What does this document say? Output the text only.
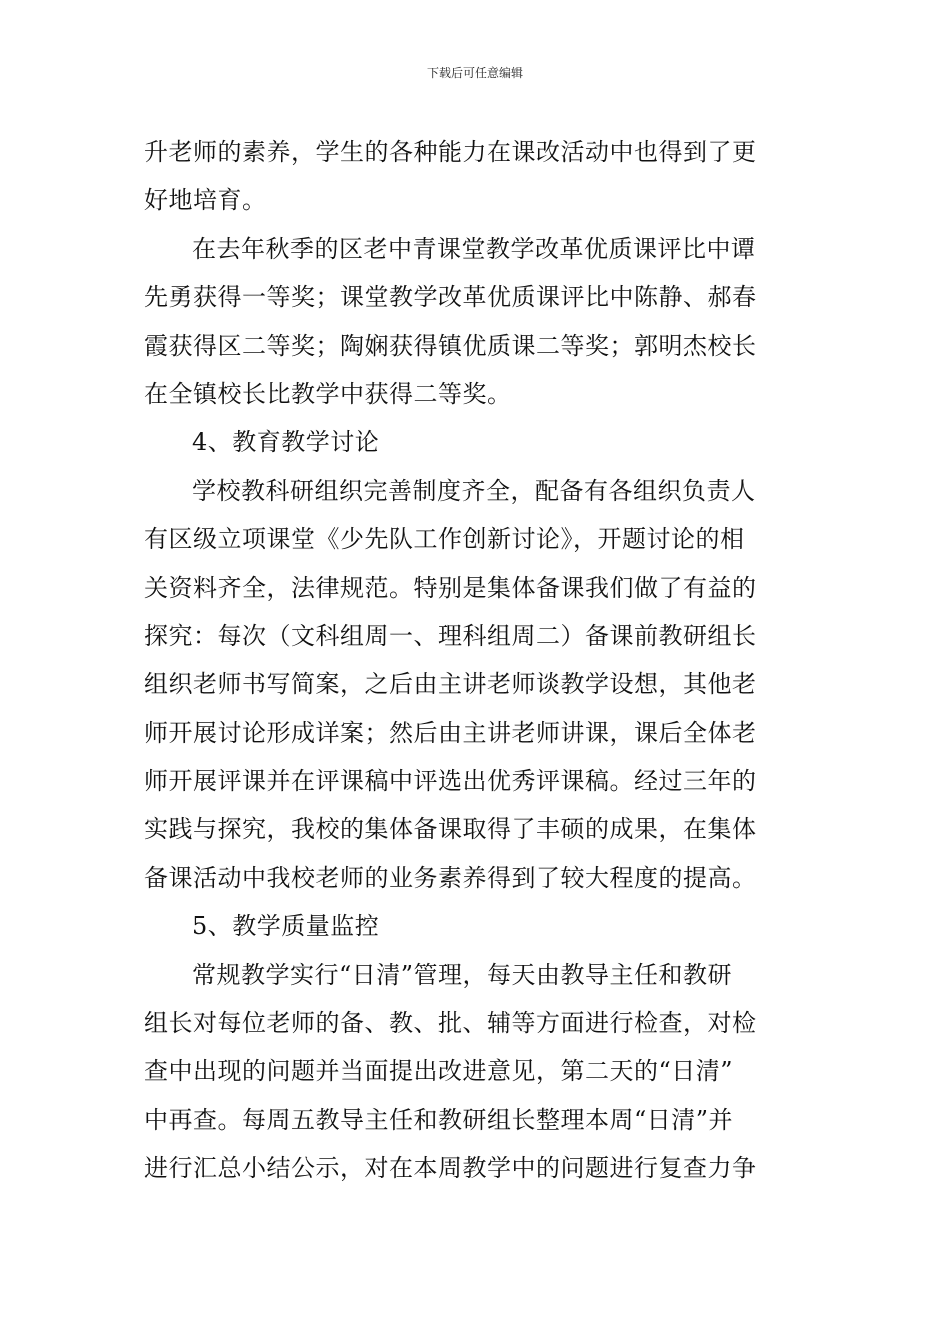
下载后可任意编辑
升老师的素养，学生的各种能力在课改活动中也得到了更
好地培育。
在去年秋季的区老中青课堂教学改革优质课评比中谭
先勇获得一等奖；课堂教学改革优质课评比中陈静、郝春
霞获得区二等奖；陶娴获得镇优质课二等奖；郭明杰校长
在全镇校长比教学中获得二等奖。
4、教育教学讨论
学校教科研组织完善制度齐全，配备有各组织负责人
有区级立项课堂《少先队工作创新讨论》，开题讨论的相
关资料齐全，法律规范。特别是集体备课我们做了有益的
探究：每次（文科组周一、理科组周二）备课前教研组长
组织老师书写简案，之后由主讲老师谈教学设想，其他老
师开展讨论形成详案；然后由主讲老师讲课，课后全体老
师开展评课并在评课稿中评选出优秀评课稿。经过三年的
实践与探究，我校的集体备课取得了丰硕的成果，在集体
备课活动中我校老师的业务素养得到了较大程度的提高。
5、教学质量监控
常规教学实行“日清”管理，每天由教导主任和教研
组长对每位老师的备、教、批、辅等方面进行检查，对检
查中出现的问题并当面提出改进意见，第二天的“日清”
中再查。每周五教导主任和教研组长整理本周“日清”并
进行汇总小结公示，对在本周教学中的问题进行复查力争
